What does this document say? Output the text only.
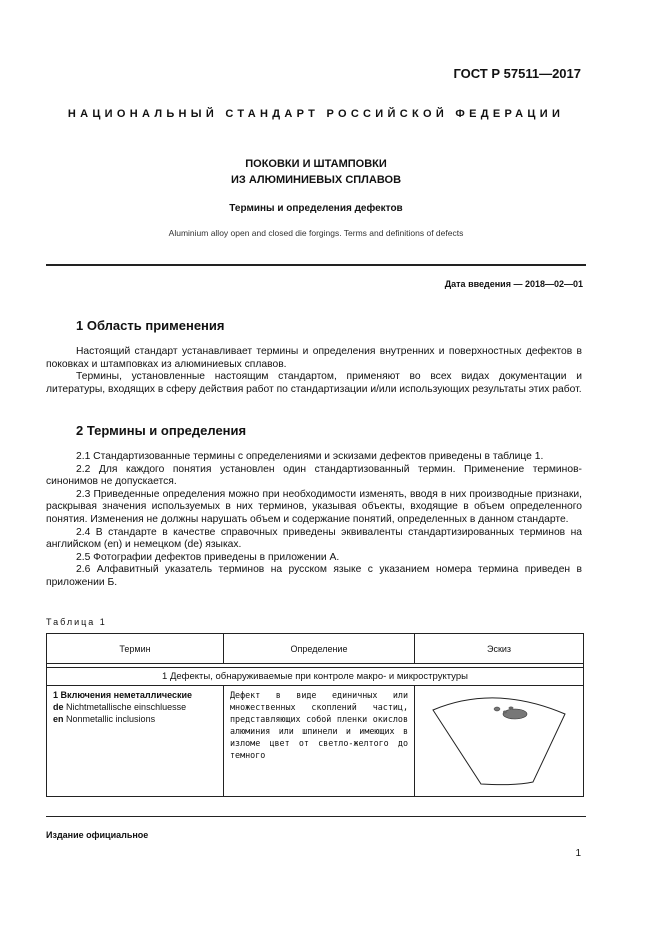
ГОСТ Р 57511—2017
НАЦИОНАЛЬНЫЙ СТАНДАРТ РОССИЙСКОЙ ФЕДЕРАЦИИ
ПОКОВКИ И ШТАМПОВКИ
ИЗ АЛЮМИНИЕВЫХ СПЛАВОВ
Термины и определения дефектов
Aluminium alloy open and closed die forgings. Terms and definitions of defects
Дата введения — 2018—02—01
1 Область применения

Настоящий стандарт устанавливает термины и определения внутренних и поверхностных дефектов в поковках и штамповках из алюминиевых сплавов.

Термины, установленные настоящим стандартом, применяют во всех видах документации и литературы, входящих в сферу действия работ по стандартизации и/или использующих результаты этих работ.

2 Термины и определения

2.1 Стандартизованные термины с определениями и эскизами дефектов приведены в таблице 1.

2.2 Для каждого понятия установлен один стандартизованный термин. Применение терминов-синонимов не допускается.

2.3 Приведенные определения можно при необходимости изменять, вводя в них производные признаки, раскрывая значения используемых в них терминов, указывая объекты, входящие в объем определенного понятия. Изменения не должны нарушать объем и содержание понятий, определенных в данном стандарте.

2.4 В стандарте в качестве справочных приведены эквиваленты стандартизированных терминов на английском (en) и немецком (de) языках.

2.5 Фотографии дефектов приведены в приложении А.

2.6 Алфавитный указатель терминов на русском языке с указанием номера термина приведен в приложении Б.

Таблица 1
Термин	Определение	Эскиз

1 Дефекты, обнаруживаемые при контроле макро- и микроструктуры		

1 Включения неметаллические
de Nichtmetallische einschluesse
en Nonmetallic inclusions	Дефект в виде единичных или множественных скоплений частиц, представляющих собой пленки окислов алюминия или шпинели и имеющих в изломе цвет от светло-желтого до темного	
Издание официальное
1
